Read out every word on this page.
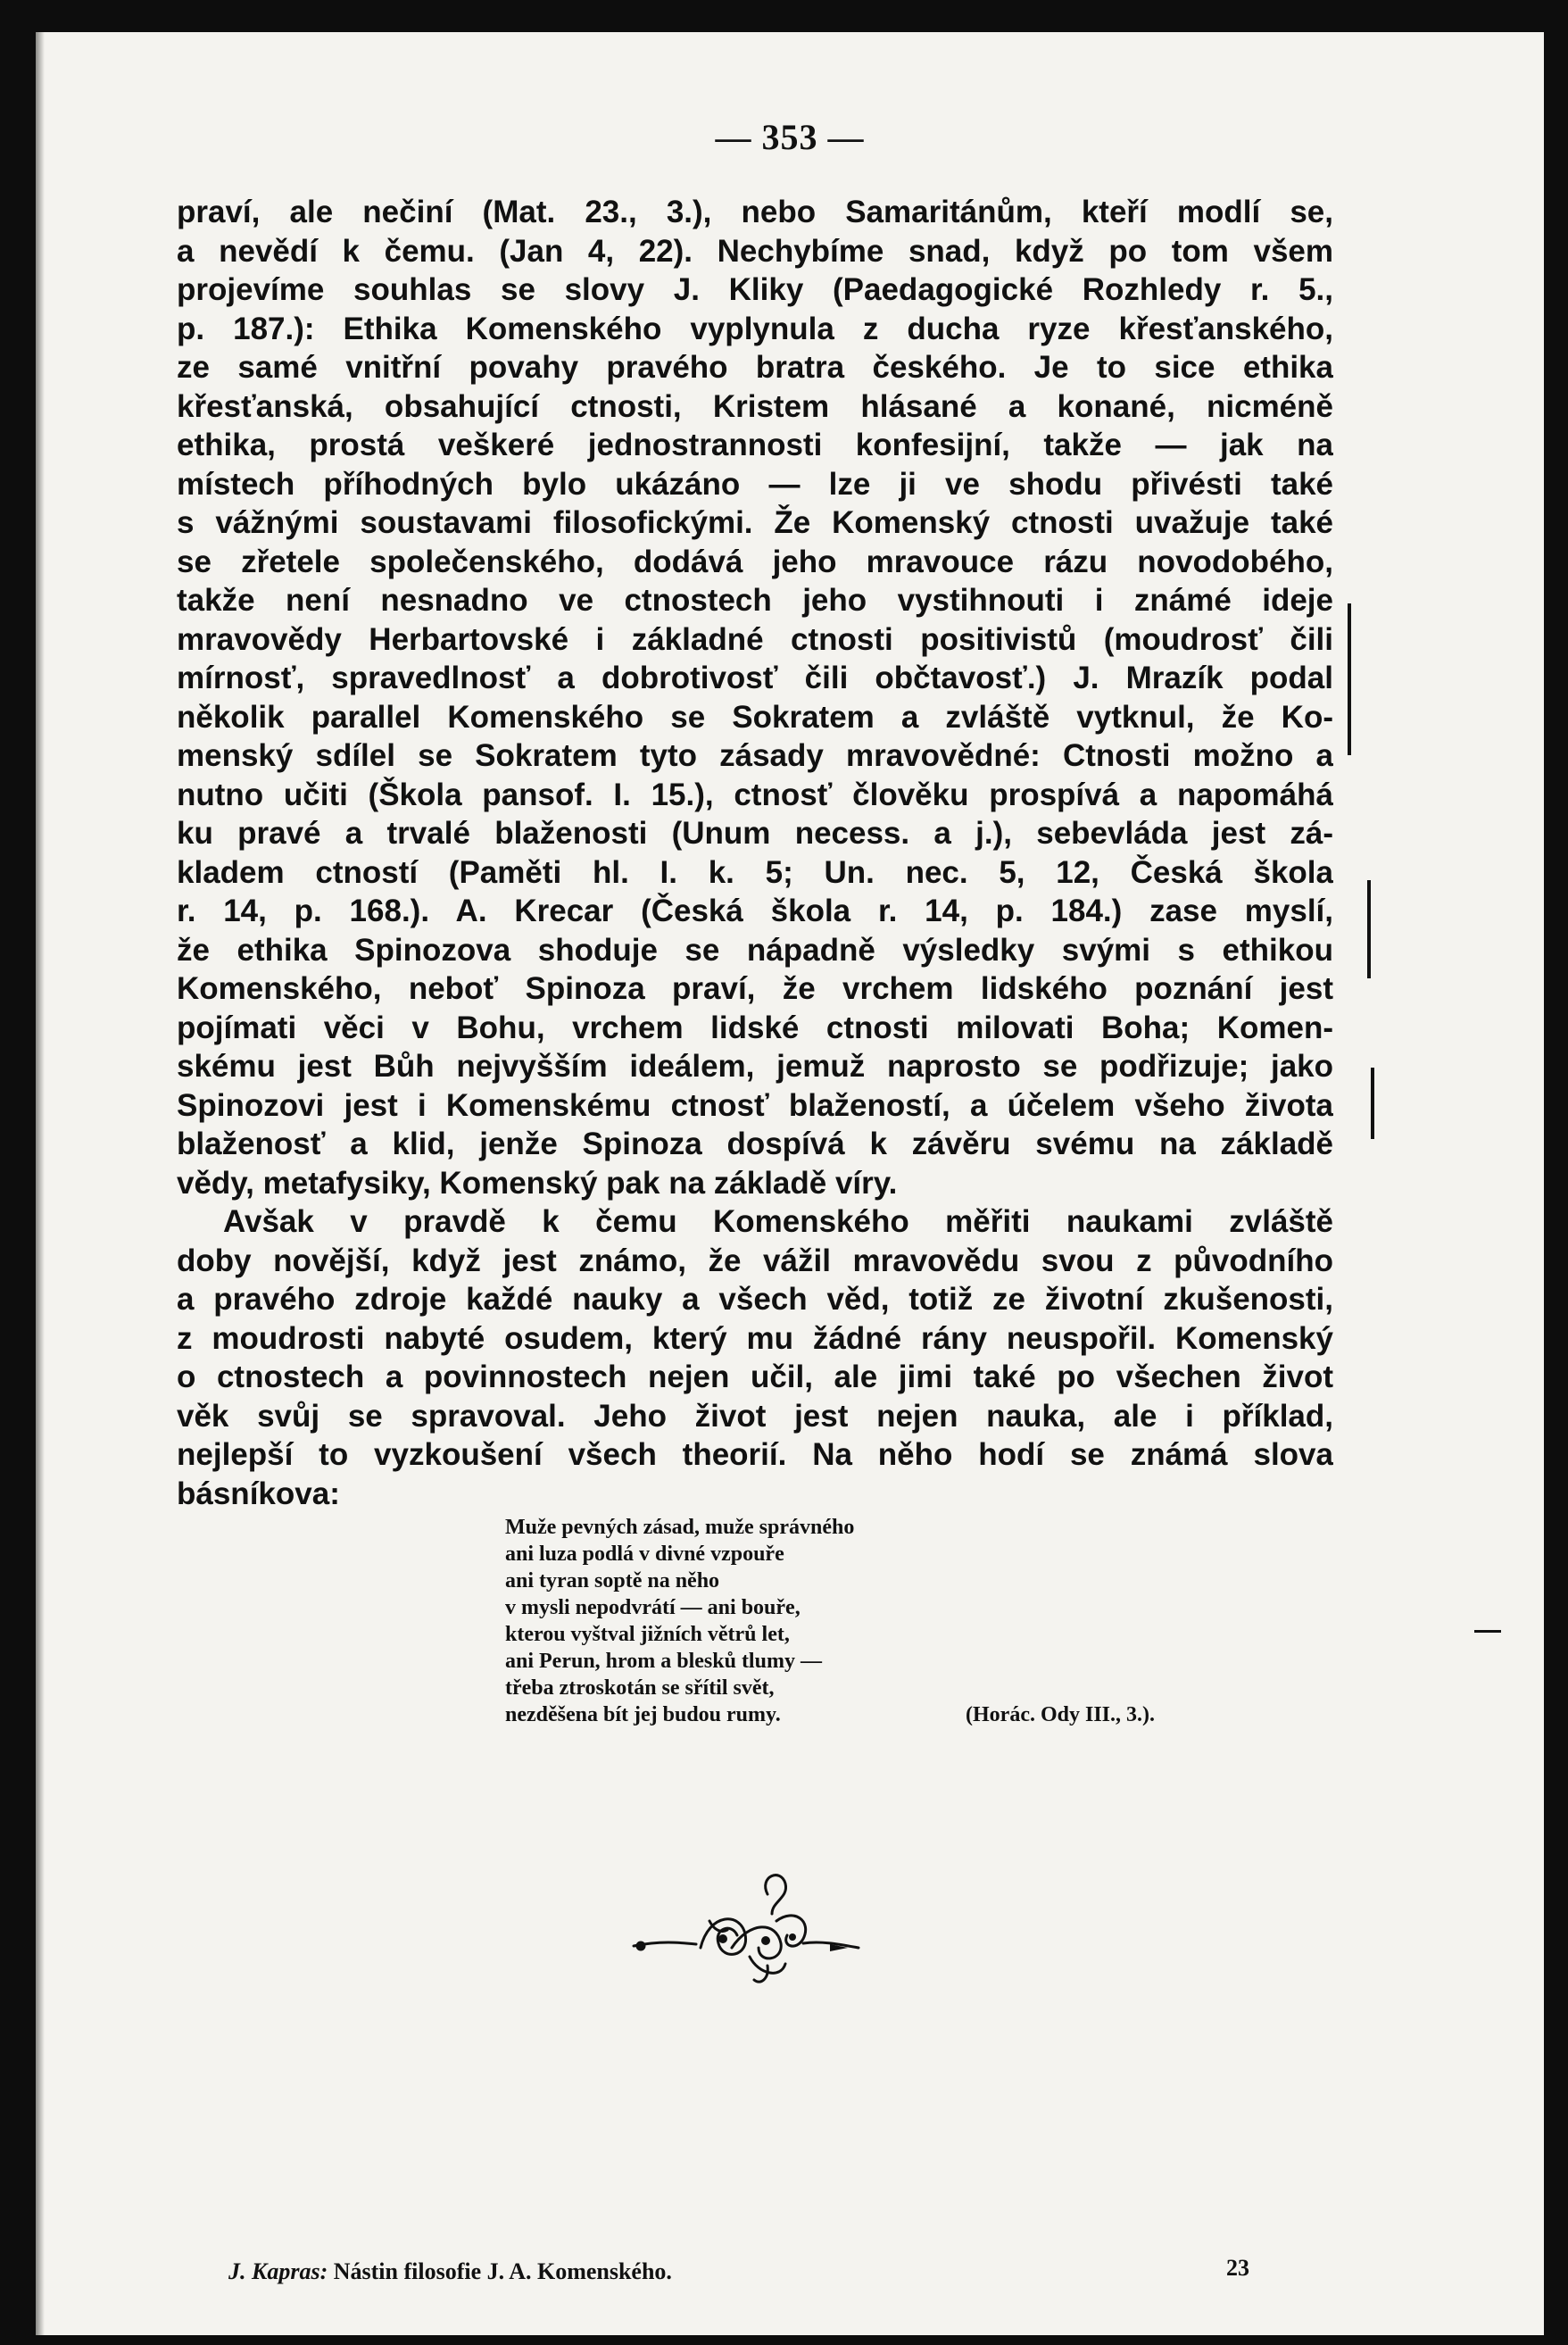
— 353 —
praví, ale nečiní (Mat. 23., 3.), nebo Samaritánům, kteří modlí se,
a nevědí k čemu. (Jan 4, 22). Nechybíme snad, když po tom všem
projevíme souhlas se slovy J. Kliky (Paedagogické Rozhledy r. 5.,
p. 187.): Ethika Komenského vyplynula z ducha ryze křesťanského,
ze samé vnitřní povahy pravého bratra českého. Je to sice ethika
křesťanská, obsahující ctnosti, Kristem hlásané a konané, nicméně
ethika, prostá veškeré jednostrannosti konfesijní, takže — jak na
místech příhodných bylo ukázáno — lze ji ve shodu přivésti také
s vážnými soustavami filosofickými. Že Komenský ctnosti uvažuje také
se zřetele společenského, dodává jeho mravouce rázu novodobého,
takže není nesnadno ve ctnostech jeho vystihnouti i známé ideje
mravovědy Herbartovské i základné ctnosti positivistů (moudrosť čili
mírnosť, spravedlnosť a dobrotivosť čili občtavosť.) J. Mrazík podal
několik parallel Komenského se Sokratem a zvláště vytknul, že Ko-
menský sdílel se Sokratem tyto zásady mravovědné: Ctnosti možno a
nutno učiti (Škola pansof. I. 15.), ctnosť člověku prospívá a napomáhá
ku pravé a trvalé blaženosti (Unum necess. a j.), sebevláda jest zá-
kladem ctností (Paměti hl. I. k. 5; Un. nec. 5, 12, Česká škola
r. 14, p. 168.). A. Krecar (Česká škola r. 14, p. 184.) zase myslí,
že ethika Spinozova shoduje se nápadně výsledky svými s ethikou
Komenského, neboť Spinoza praví, že vrchem lidského poznání jest
pojímati věci v Bohu, vrchem lidské ctnosti milovati Boha; Komen-
skému jest Bůh nejvyšším ideálem, jemuž naprosto se podřizuje; jako
Spinozovi jest i Komenskému ctnosť blažeností, a účelem všeho života
blaženosť a klid, jenže Spinoza dospívá k závěru svému na základě
vědy, metafysiky, Komenský pak na základě víry.
Avšak v pravdě k čemu Komenského měřiti naukami zvláště
doby novější, když jest známo, že vážil mravovědu svou z původního
a pravého zdroje každé nauky a všech věd, totiž ze životní zkušenosti,
z moudrosti nabyté osudem, který mu žádné rány neuspořil. Komenský
o ctnostech a povinnostech nejen učil, ale jimi také po všechen život
věk svůj se spravoval. Jeho život jest nejen nauka, ale i příklad,
nejlepší to vyzkoušení všech theorií. Na něho hodí se známá slova
básníkova:
Muže pevných zásad, muže správného
ani luza podlá v divné vzpouře
ani tyran soptě na něho
v mysli nepodvrátí — ani bouře,
kterou vyštval jižních větrů let,
ani Perun, hrom a blesků tlumy —
třeba ztroskotán se sřítil svět,
nezděšena bít jej budou rumy.	(Horác. Ody III., 3.).
J. Kapras: Nástin filosofie J. A. Komenského.	23
